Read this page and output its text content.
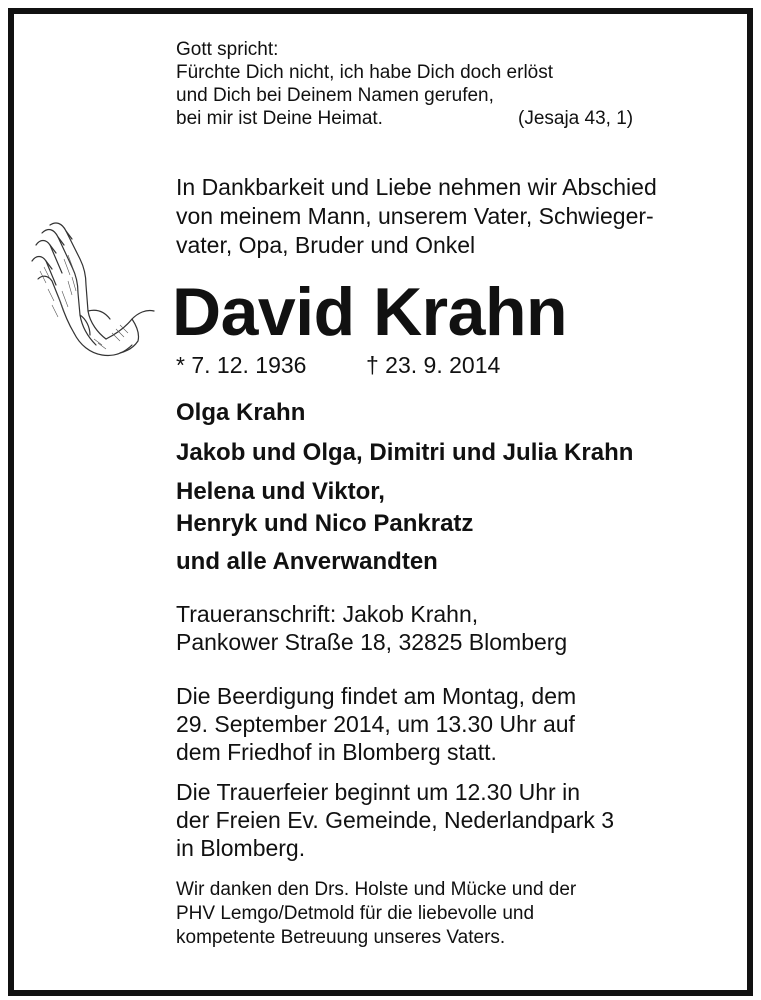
Gott spricht:
Fürchte Dich nicht, ich habe Dich doch erlöst
und Dich bei Deinem Namen gerufen,
bei mir ist Deine Heimat.	(Jesaja 43, 1)
In Dankbarkeit und Liebe nehmen wir Abschied
von meinem Mann, unserem Vater, Schwieger-
vater, Opa, Bruder und Onkel
David Krahn
* 7. 12. 1936	† 23. 9. 2014
Olga Krahn
Jakob und Olga, Dimitri und Julia Krahn
Helena und Viktor,
Henryk und Nico Pankratz
und alle Anverwandten
Traueranschrift: Jakob Krahn,
Pankower Straße 18, 32825 Blomberg
Die Beerdigung findet am Montag, dem
29. September 2014, um 13.30 Uhr auf
dem Friedhof in Blomberg statt.
Die Trauerfeier beginnt um 12.30 Uhr in
der Freien Ev. Gemeinde, Nederlandpark 3
in Blomberg.
Wir danken den Drs. Holste und Mücke und der
PHV Lemgo/Detmold für die liebevolle und
kompetente Betreuung unseres Vaters.
